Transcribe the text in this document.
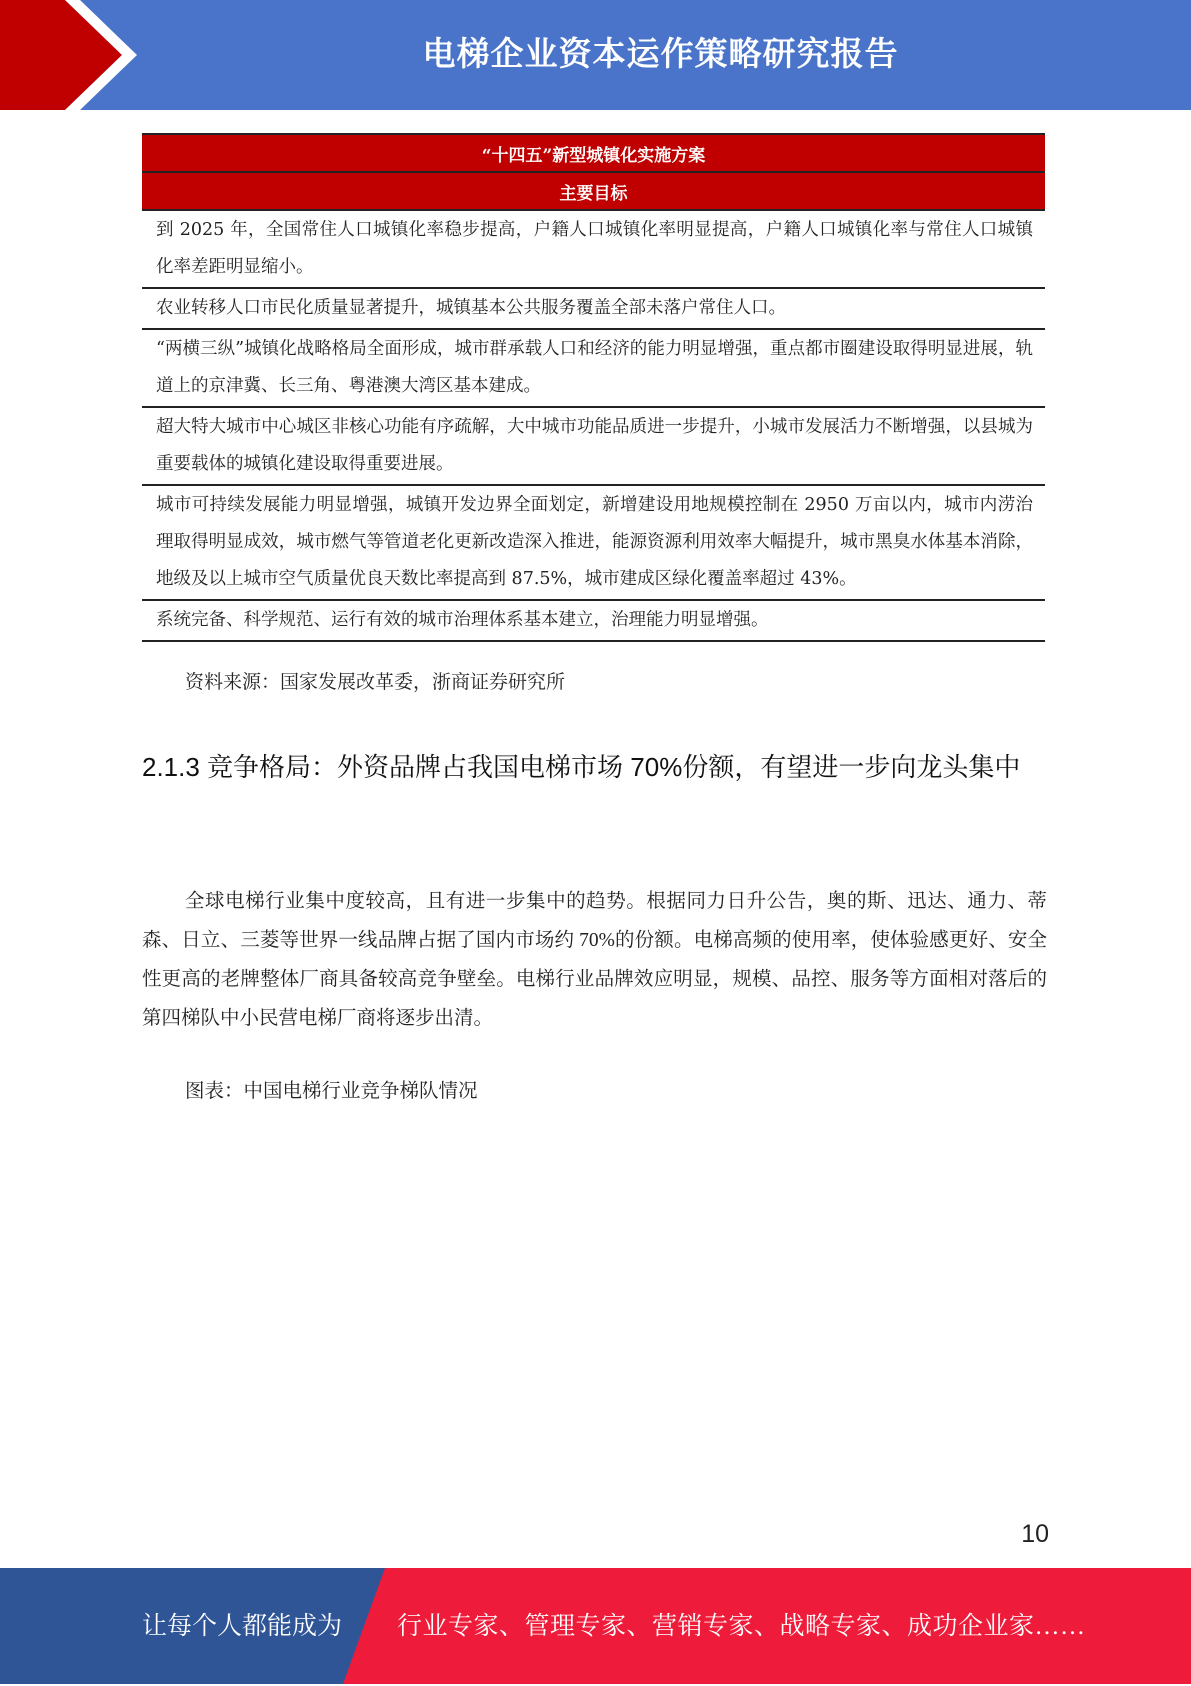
电梯企业资本运作策略研究报告
“十四五”新型城镇化实施方案
主要目标
到 2025 年，全国常住人口城镇化率稳步提高，户籍人口城镇化率明显提高，户籍人口城镇化率与常住人口城镇化率差距明显缩小。
农业转移人口市民化质量显著提升，城镇基本公共服务覆盖全部未落户常住人口。
“两横三纵”城镇化战略格局全面形成，城市群承载人口和经济的能力明显增强，重点都市圈建设取得明显进展，轨道上的京津冀、长三角、粤港澳大湾区基本建成。
超大特大城市中心城区非核心功能有序疏解，大中城市功能品质进一步提升，小城市发展活力不断增强，以县城为重要载体的城镇化建设取得重要进展。
城市可持续发展能力明显增强，城镇开发边界全面划定，新增建设用地规模控制在 2950 万亩以内，城市内涝治理取得明显成效，城市燃气等管道老化更新改造深入推进，能源资源利用效率大幅提升，城市黑臭水体基本消除，地级及以上城市空气质量优良天数比率提高到 87.5%，城市建成区绿化覆盖率超过 43%。
系统完备、科学规范、运行有效的城市治理体系基本建立，治理能力明显增强。
资料来源：国家发展改革委，浙商证券研究所
2.1.3 竞争格局：外资品牌占我国电梯市场 70%份额，有望进一步向龙头集中

全球电梯行业集中度较高，且有进一步集中的趋势。根据同力日升公告，奥的斯、迅达、通力、蒂森、日立、三菱等世界一线品牌占据了国内市场约 70%的份额。电梯高频的使用率，使体验感更好、安全性更高的老牌整体厂商具备较高竞争壁垒。电梯行业品牌效应明显，规模、品控、服务等方面相对落后的第四梯队中小民营电梯厂商将逐步出清。

图表：中国电梯行业竞争梯队情况
10
让每个人都能成为 行业专家、管理专家、营销专家、战略专家、成功企业家……
